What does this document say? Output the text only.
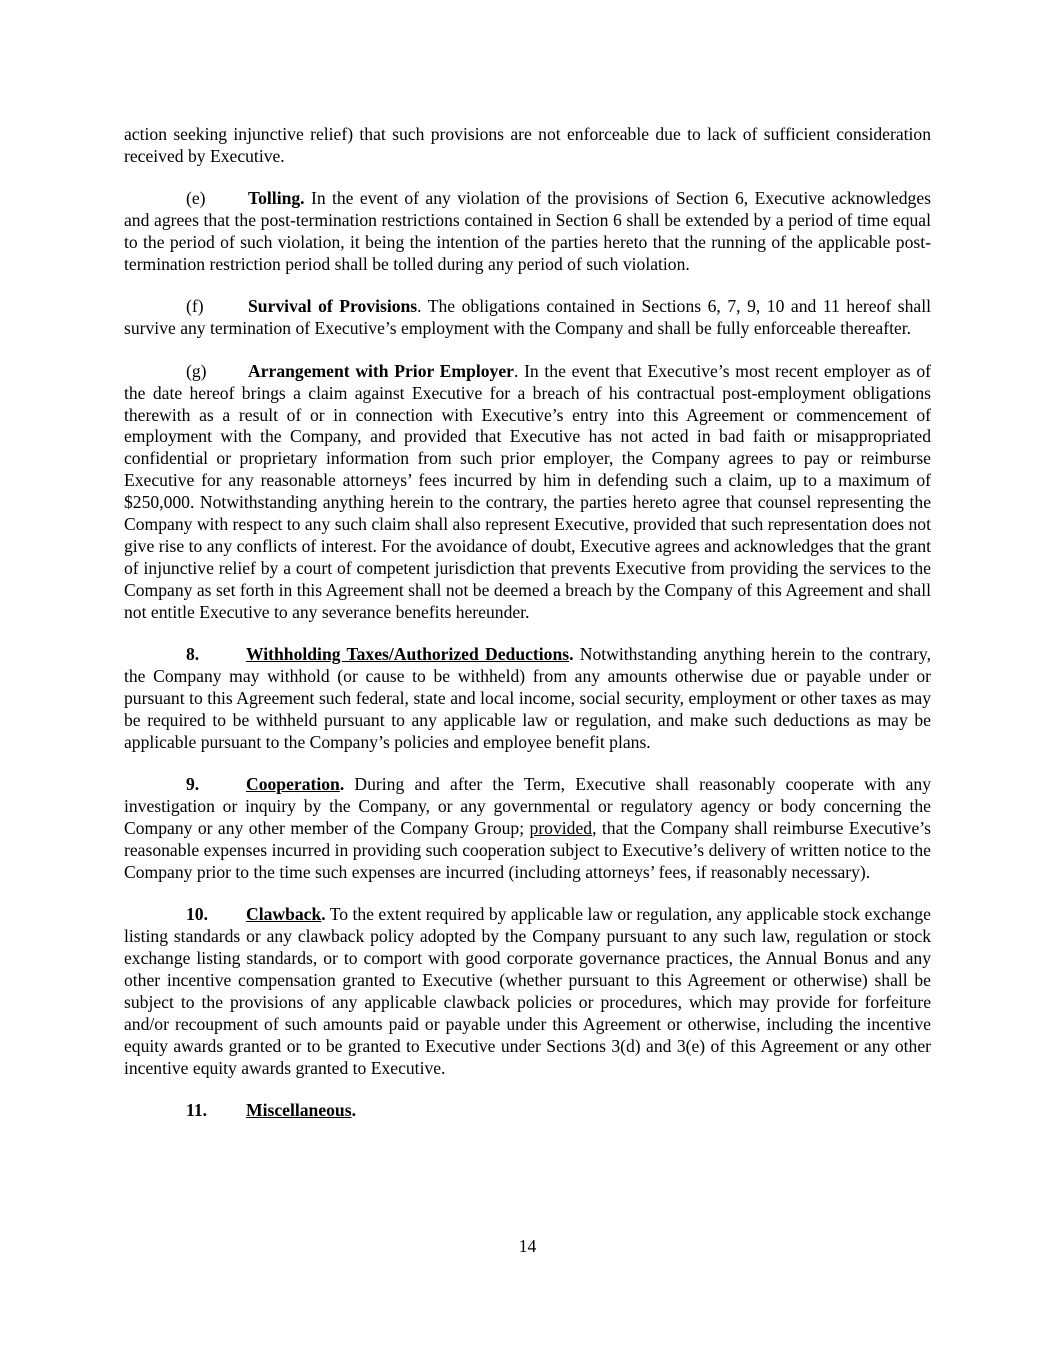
action seeking injunctive relief) that such provisions are not enforceable due to lack of sufficient consideration received by Executive.

(e) Tolling. In the event of any violation of the provisions of Section 6, Executive acknowledges and agrees that the post-termination restrictions contained in Section 6 shall be extended by a period of time equal to the period of such violation, it being the intention of the parties hereto that the running of the applicable post-termination restriction period shall be tolled during any period of such violation.

(f)	Survival of Provisions. The obligations contained in Sections 6, 7, 9, 10 and 11 hereof shall survive any termination of Executive’s employment with the Company and shall be fully enforceable thereafter.

(g) Arrangement with Prior Employer. In the event that Executive’s most recent employer as of the date hereof brings a claim against Executive for a breach of his contractual post-employment obligations therewith as a result of or in connection with Executive’s entry into this Agreement or commencement of employment with the Company, and provided that Executive has not acted in bad faith or misappropriated confidential or proprietary information from such prior employer, the Company agrees to pay or reimburse Executive for any reasonable attorneys’ fees incurred by him in defending such a claim, up to a maximum of $250,000. Notwithstanding anything herein to the contrary, the parties hereto agree that counsel representing the Company with respect to any such claim shall also represent Executive, provided that such representation does not give rise to any conflicts of interest. For the avoidance of doubt, Executive agrees and acknowledges that the grant of injunctive relief by a court of competent jurisdiction that prevents Executive from providing the services to the Company as set forth in this Agreement shall not be deemed a breach by the Company of this Agreement and shall not entitle Executive to any severance benefits hereunder.

8.	Withholding Taxes/Authorized Deductions. Notwithstanding anything herein to the contrary, the Company may withhold (or cause to be withheld) from any amounts otherwise due or payable under or pursuant to this Agreement such federal, state and local income, social security, employment or other taxes as may be required to be withheld pursuant to any applicable law or regulation, and make such deductions as may be applicable pursuant to the Company’s policies and employee benefit plans.

9.	Cooperation. During and after the Term, Executive shall reasonably cooperate with any investigation or inquiry by the Company, or any governmental or regulatory agency or body concerning the Company or any other member of the Company Group; provided, that the Company shall reimburse Executive’s reasonable expenses incurred in providing such cooperation subject to Executive’s delivery of written notice to the Company prior to the time such expenses are incurred (including attorneys’ fees, if reasonably necessary).

10. Clawback. To the extent required by applicable law or regulation, any applicable stock exchange listing standards or any clawback policy adopted by the Company pursuant to any such law, regulation or stock exchange listing standards, or to comport with good corporate governance practices, the Annual Bonus and any other incentive compensation granted to Executive (whether pursuant to this Agreement or otherwise) shall be subject to the provisions of any applicable clawback policies or procedures, which may provide for forfeiture and/or recoupment of such amounts paid or payable under this Agreement or otherwise, including the incentive equity awards granted or to be granted to Executive under Sections 3(d) and 3(e) of this Agreement or any other incentive equity awards granted to Executive.

11. Miscellaneous.

14
